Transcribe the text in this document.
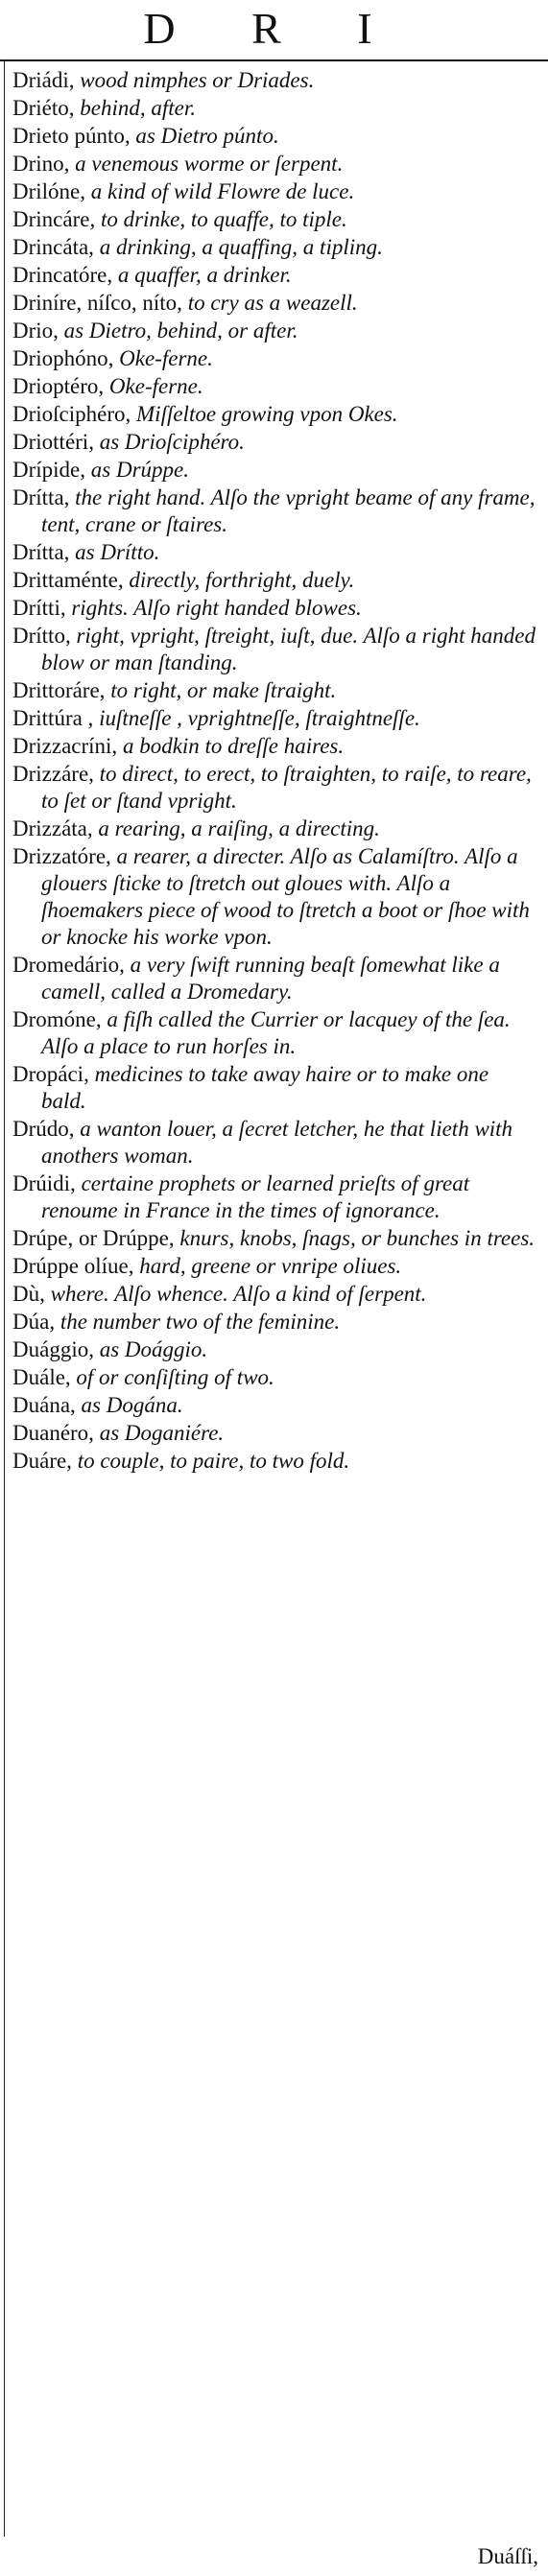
D R I
Driádi, wood nimphes or Driades.
Driéto, behind, after.
Drieto púnto, as Dietro púnto.
Drino, a venemous worme or ſerpent.
Drilóne, a kind of wild Flowre de luce.
Drincáre, to drinke, to quaffe, to tiple.
Drincáta, a drinking, a quaffing, a tipling.
Drincatóre, a quaffer, a drinker.
Driníre, níſco, níto, to cry as a weazell.
Drio, as Dietro, behind, or after.
Driophóno, Oke-ferne.
Drioptéro, Oke-ferne.
Drioſciphéro, Miſſeltoe growing vpon Okes.
Driottéri, as Drioſciphéro.
Drípide, as Drúppe.
Drítta, the right hand. Alſo the vpright beame of any frame, tent, crane or ſtaires.
Drítta, as Drítto.
Drittaménte, directly, forthright, duely.
Drítti, rights. Alſo right handed blowes.
Drítto, right, vpright, ſtreight, iuſt, due. Alſo a right handed blow or man ſtanding.
Drittoráre, to right, or make ſtraight.
Drittúra , iuſtneſſe , vprightneſſe, ſtraightneſſe.
Drizzacríni, a bodkin to dreſſe haires.
Drizzáre, to direct, to erect, to ſtraighten, to raiſe, to reare, to ſet or ſtand vpright.
Drizzáta, a rearing, a raiſing, a directing.
Drizzatóre, a rearer, a directer. Alſo as Calamíſtro. Alſo a glouers ſticke to ſtretch out gloues with. Alſo a ſhoemakers piece of wood to ſtretch a boot or ſhoe with or knocke his worke vpon.
Dromedário, a very ſwift running beaſt ſomewhat like a camell, called a Dromedary.
Dromóne, a fiſh called the Currier or lacquey of the ſea. Alſo a place to run horſes in.
Dropáci, medicines to take away haire or to make one bald.
Drúdo, a wanton louer, a ſecret letcher, he that lieth with anothers woman.
Drúidi, certaine prophets or learned prieſts of great renoume in France in the times of ignorance.
Drúpe, or Drúppe, knurs, knobs, ſnags, or bunches in trees.
Drúppe olíue, hard, greene or vnripe oliues.
Dù, where. Alſo whence. Alſo a kind of ſerpent.
Dúa, the number two of the feminine.
Duággio, as Doággio.
Duále, of or conſiſting of two.
Duána, as Dogána.
Duanéro, as Doganiére.
Duáre, to couple, to paire, to two fold.
Duáſſi,
